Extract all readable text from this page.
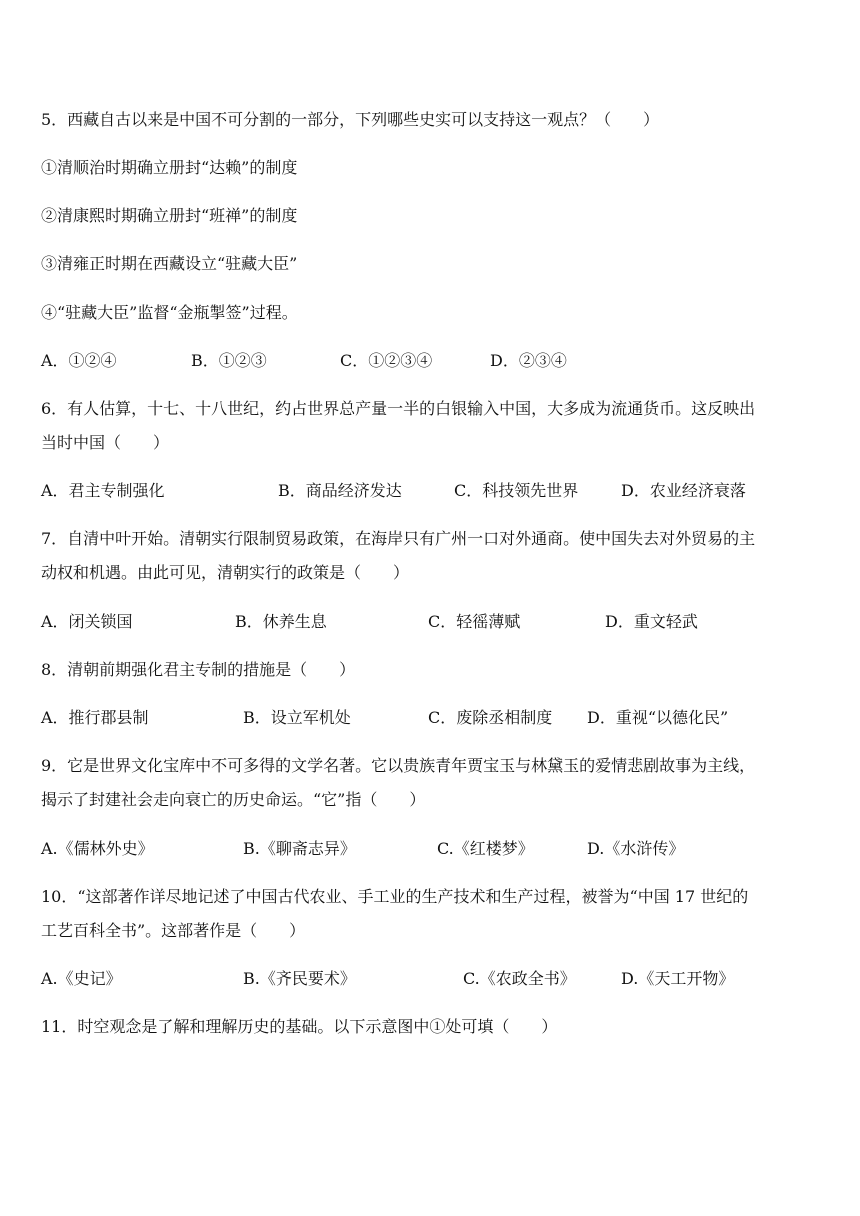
5．西藏自古以来是中国不可分割的一部分，下列哪些史实可以支持这一观点？（　　）
①清顺治时期确立册封“达赖”的制度
②清康熙时期确立册封“班禅”的制度
③清雍正时期在西藏设立“驻藏大臣”
④“驻藏大臣”监督“金瓶掣签”过程。
A．①②④	B．①②③	C．①②③④	D．②③④
6．有人估算，十七、十八世纪，约占世界总产量一半的白银输入中国，大多成为流通货币。这反映出
当时中国（　　）
A．君主专制强化	B．商品经济发达	C．科技领先世界	D．农业经济衰落
7．自清中叶开始。清朝实行限制贸易政策，在海岸只有广州一口对外通商。使中国失去对外贸易的主
动权和机遇。由此可见，清朝实行的政策是（　　）
A．闭关锁国	B．休养生息	C．轻徭薄赋	D．重文轻武
8．清朝前期强化君主专制的措施是（　　）
A．推行郡县制	B．设立军机处	C．废除丞相制度 D．重视“以德化民”
9．它是世界文化宝库中不可多得的文学名著。它以贵族青年贾宝玉与林黛玉的爱情悲剧故事为主线，
揭示了封建社会走向衰亡的历史命运。“它”指（　　）
A.《儒林外史》	B.《聊斋志异》	C.《红楼梦》	D.《水浒传》
10．“这部著作详尽地记述了中国古代农业、手工业的生产技术和生产过程，被誉为“中国 17 世纪的
工艺百科全书”。这部著作是（　　）
A.《史记》	B.《齐民要术》	C.《农政全书》	D.《天工开物》
11．时空观念是了解和理解历史的基础。以下示意图中①处可填（　　）
